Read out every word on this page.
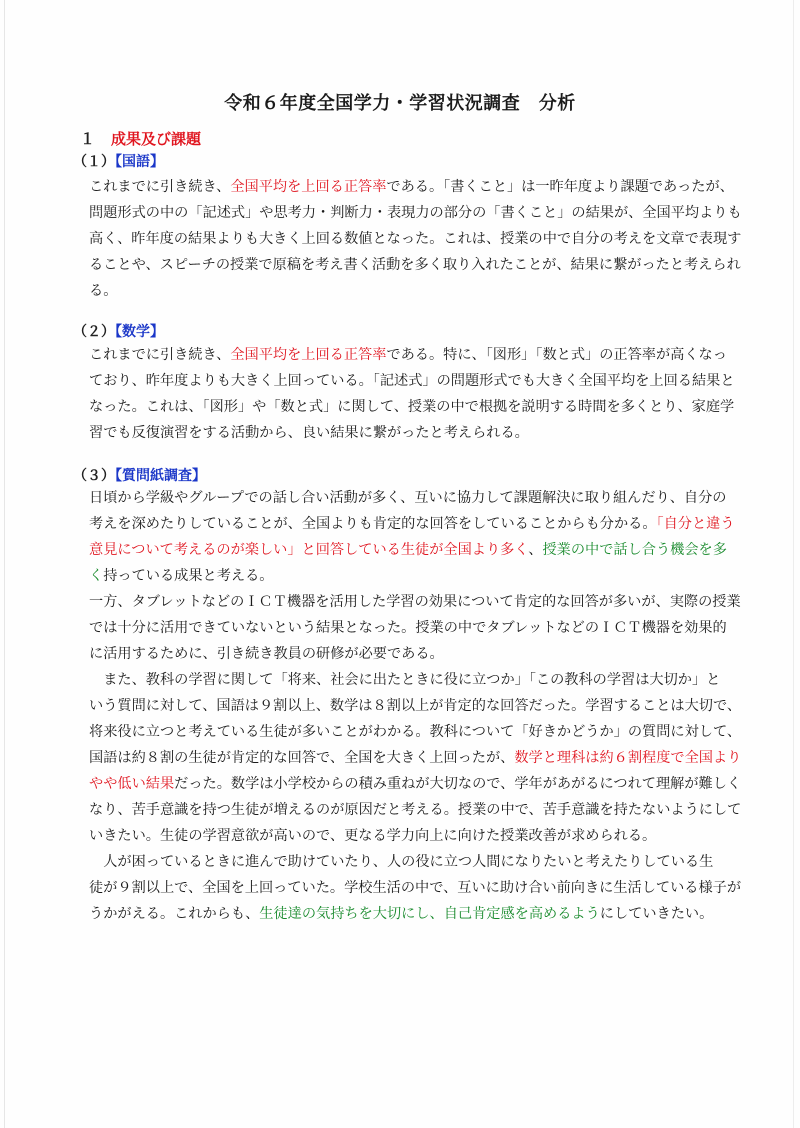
令和６年度全国学力・学習状況調査　分析
１ 成果及び課題
（１）【国語】
これまでに引き続き、全国平均を上回る正答率である。「書くこと」は一昨年度より課題であったが、
問題形式の中の「記述式」や思考力・判断力・表現力の部分の「書くこと」の結果が、全国平均よりも
高く、昨年度の結果よりも大きく上回る数値となった。これは、授業の中で自分の考えを文章で表現す
ることや、スピーチの授業で原稿を考え書く活動を多く取り入れたことが、結果に繋がったと考えられ
る。
（２）【数学】
これまでに引き続き、全国平均を上回る正答率である。特に、「図形」「数と式」の正答率が高くなっ
ており、昨年度よりも大きく上回っている。「記述式」の問題形式でも大きく全国平均を上回る結果と
なった。これは、「図形」や「数と式」に関して、授業の中で根拠を説明する時間を多くとり、家庭学
習でも反復演習をする活動から、良い結果に繋がったと考えられる。
（３）【質問紙調査】
日頃から学級やグループでの話し合い活動が多く、互いに協力して課題解決に取り組んだり、自分の
考えを深めたりしていることが、全国よりも肯定的な回答をしていることからも分かる。「自分と違う
意見について考えるのが楽しい」と回答している生徒が全国より多く、授業の中で話し合う機会を多
く持っている成果と考える。
一方、タブレットなどのＩＣＴ機器を活用した学習の効果について肯定的な回答が多いが、実際の授業
では十分に活用できていないという結果となった。授業の中でタブレットなどのＩＣＴ機器を効果的
に活用するために、引き続き教員の研修が必要である。
　また、教科の学習に関して「将来、社会に出たときに役に立つか」「この教科の学習は大切か」と
いう質問に対して、国語は９割以上、数学は８割以上が肯定的な回答だった。学習することは大切で、
将来役に立つと考えている生徒が多いことがわかる。教科について「好きかどうか」の質問に対して、
国語は約８割の生徒が肯定的な回答で、全国を大きく上回ったが、数学と理科は約６割程度で全国より
やや低い結果だった。数学は小学校からの積み重ねが大切なので、学年があがるにつれて理解が難しく
なり、苦手意識を持つ生徒が増えるのが原因だと考える。授業の中で、苦手意識を持たないようにして
いきたい。生徒の学習意欲が高いので、更なる学力向上に向けた授業改善が求められる。
　人が困っているときに進んで助けていたり、人の役に立つ人間になりたいと考えたりしている生
徒が９割以上で、全国を上回っていた。学校生活の中で、互いに助け合い前向きに生活している様子が
うかがえる。これからも、生徒達の気持ちを大切にし、自己肯定感を高めるようにしていきたい。
